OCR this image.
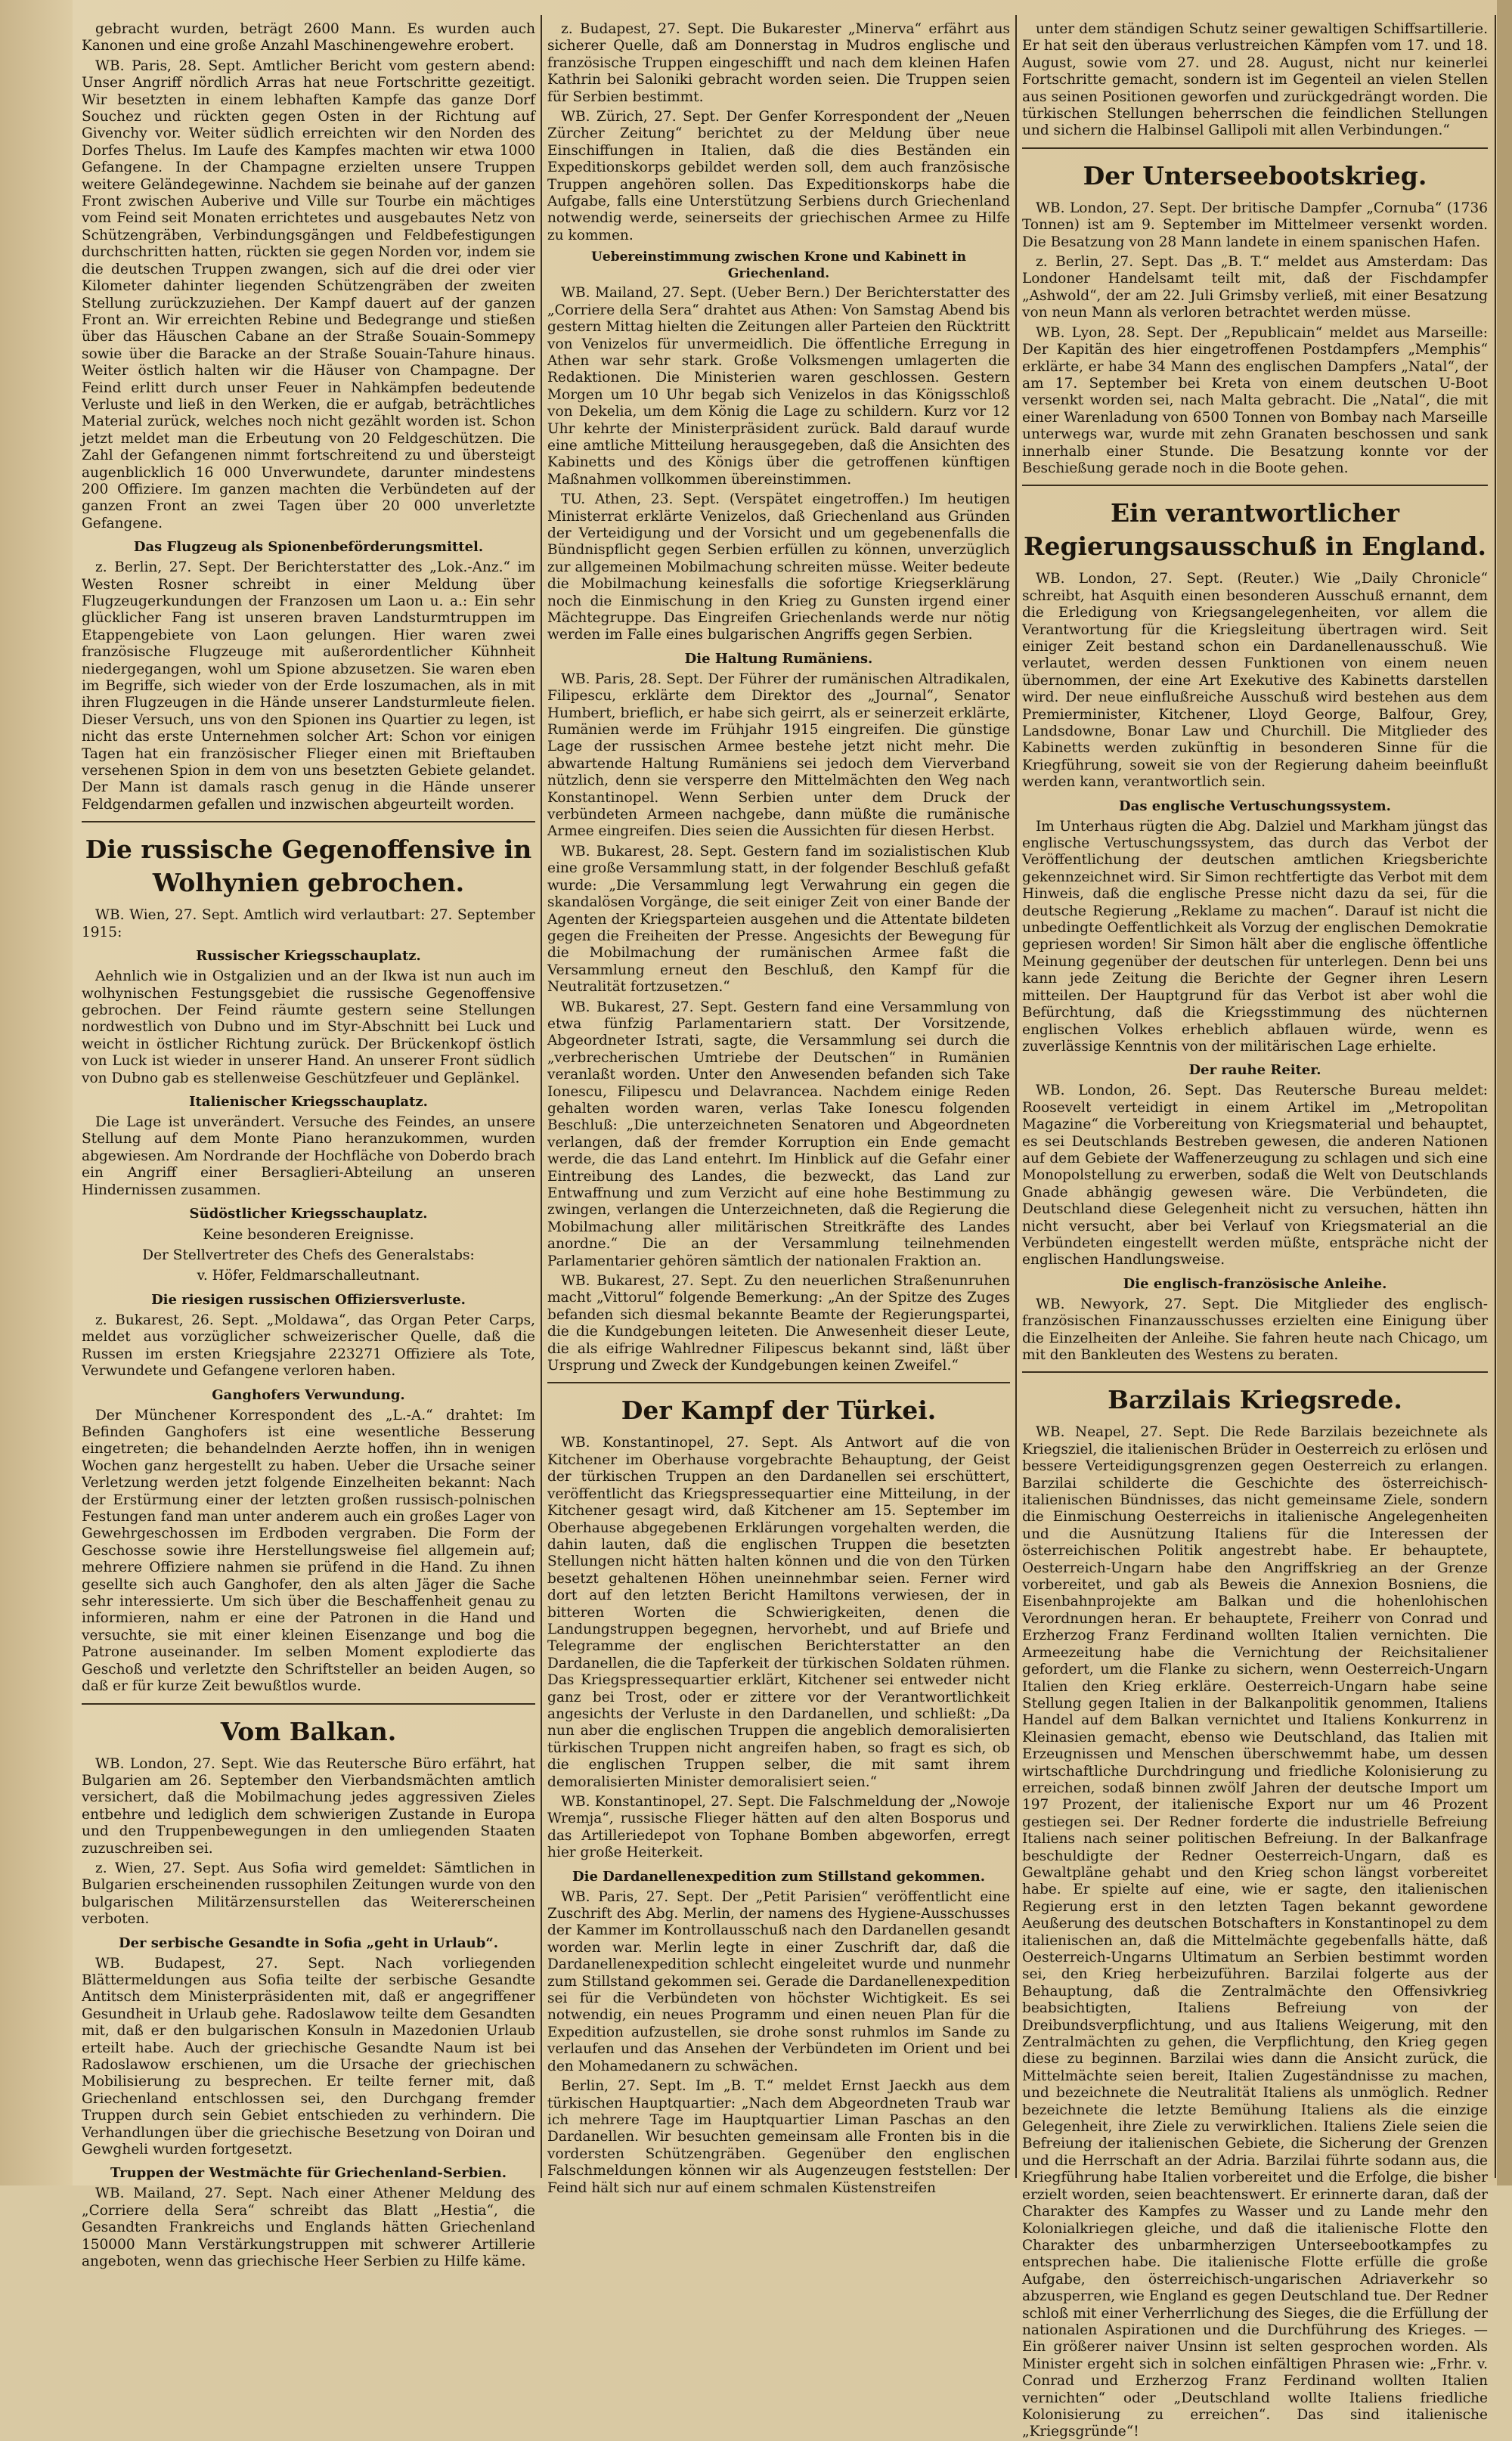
gebracht wurden, beträgt 2600 Mann. Es wurden auch Kanonen und eine große Anzahl Maschinengewehre erobert.

WB. Paris, 28. Sept. Amtlicher Bericht vom gestern abend: Unser Angriff nördlich Arras hat neue Fortschritte gezeitigt. Wir besetzten in einem lebhaften Kampfe das ganze Dorf Souchez und rückten gegen Osten in der Richtung auf Givenchy vor. Weiter südlich erreichten wir den Norden des Dorfes Thelus. Im Laufe des Kampfes machten wir etwa 1000 Gefangene. In der Champagne erzielten unsere Truppen weitere Geländegewinne. Nachdem sie beinahe auf der ganzen Front zwischen Auberive und Ville sur Tourbe ein mächtiges vom Feind seit Monaten errichtetes und ausgebautes Netz von Schützengräben, Verbindungsgängen und Feldbefestigungen durchschritten hatten, rückten sie gegen Norden vor, indem sie die deutschen Truppen zwangen, sich auf die drei oder vier Kilometer dahinter liegenden Schützengräben der zweiten Stellung zurückzuziehen. Der Kampf dauert auf der ganzen Front an. Wir erreichten Rebine und Bedegrange und stießen über das Häuschen Cabane an der Straße Souain-Sommepy sowie über die Baracke an der Straße Souain-Tahure hinaus. Weiter östlich halten wir die Häuser von Champagne. Der Feind erlitt durch unser Feuer in Nahkämpfen bedeutende Verluste und ließ in den Werken, die er aufgab, beträchtliches Material zurück, welches noch nicht gezählt worden ist. Schon jetzt meldet man die Erbeutung von 20 Feldgeschützen. Die Zahl der Gefangenen nimmt fortschreitend zu und übersteigt augenblicklich 16 000 Unverwundete, darunter mindestens 200 Offiziere. Im ganzen machten die Verbündeten auf der ganzen Front an zwei Tagen über 20 000 unverletzte Gefangene.

Das Flugzeug als Spionenbeförderungsmittel.

z. Berlin, 27. Sept. Der Berichterstatter des „Lok.-Anz.“ im Westen Rosner schreibt in einer Meldung über Flugzeugerkundungen der Franzosen um Laon u. a.: Ein sehr glücklicher Fang ist unseren braven Landsturmtruppen im Etappengebiete von Laon gelungen. Hier waren zwei französische Flugzeuge mit außerordentlicher Kühnheit niedergegangen, wohl um Spione abzusetzen. Sie waren eben im Begriffe, sich wieder von der Erde loszumachen, als in mit ihren Flugzeugen in die Hände unserer Landsturmleute fielen. Dieser Versuch, uns von den Spionen ins Quartier zu legen, ist nicht das erste Unternehmen solcher Art: Schon vor einigen Tagen hat ein französischer Flieger einen mit Brieftauben versehenen Spion in dem von uns besetzten Gebiete gelandet. Der Mann ist damals rasch genug in die Hände unserer Feldgendarmen gefallen und inzwischen abgeurteilt worden.

Die russische Gegenoffensive in Wolhynien gebrochen.

WB. Wien, 27. Sept. Amtlich wird verlautbart: 27. September 1915:

Russischer Kriegsschauplatz.

Aehnlich wie in Ostgalizien und an der Ikwa ist nun auch im wolhynischen Festungsgebiet die russische Gegenoffensive gebrochen. Der Feind räumte gestern seine Stellungen nordwestlich von Dubno und im Styr-Abschnitt bei Luck und weicht in östlicher Richtung zurück. Der Brückenkopf östlich von Luck ist wieder in unserer Hand. An unserer Front südlich von Dubno gab es stellenweise Geschützfeuer und Geplänkel.

Italienischer Kriegsschauplatz.

Die Lage ist unverändert. Versuche des Feindes, an unsere Stellung auf dem Monte Piano heranzukommen, wurden abgewiesen. Am Nordrande der Hochfläche von Doberdo brach ein Angriff einer Bersaglieri-Abteilung an unseren Hindernissen zusammen.

Südöstlicher Kriegsschauplatz.
Keine besonderen Ereignisse.
Der Stellvertreter des Chefs des Generalstabs:
v. Höfer, Feldmarschalleutnant.
Die riesigen russischen Offiziersverluste.

z. Bukarest, 26. Sept. „Moldawa“, das Organ Peter Carps, meldet aus vorzüglicher schweizerischer Quelle, daß die Russen im ersten Kriegsjahre 223271 Offiziere als Tote, Verwundete und Gefangene verloren haben.

Ganghofers Verwundung.

Der Münchener Korrespondent des „L.-A.“ drahtet: Im Befinden Ganghofers ist eine wesentliche Besserung eingetreten; die behandelnden Aerzte hoffen, ihn in wenigen Wochen ganz hergestellt zu haben. Ueber die Ursache seiner Verletzung werden jetzt folgende Einzelheiten bekannt: Nach der Erstürmung einer der letzten großen russisch-polnischen Festungen fand man unter anderem auch ein großes Lager von Gewehrgeschossen im Erdboden vergraben. Die Form der Geschosse sowie ihre Herstellungsweise fiel allgemein auf; mehrere Offiziere nahmen sie prüfend in die Hand. Zu ihnen gesellte sich auch Ganghofer, den als alten Jäger die Sache sehr interessierte. Um sich über die Beschaffenheit genau zu informieren, nahm er eine der Patronen in die Hand und versuchte, sie mit einer kleinen Eisenzange und bog die Patrone auseinander. Im selben Moment explodierte das Geschoß und verletzte den Schriftsteller an beiden Augen, so daß er für kurze Zeit bewußtlos wurde.

Vom Balkan.

WB. London, 27. Sept. Wie das Reutersche Büro erfährt, hat Bulgarien am 26. September den Vierbandsmächten amtlich versichert, daß die Mobilmachung jedes aggressiven Zieles entbehre und lediglich dem schwierigen Zustande in Europa und den Truppenbewegungen in den umliegenden Staaten zuzuschreiben sei.

z. Wien, 27. Sept. Aus Sofia wird gemeldet: Sämtlichen in Bulgarien erscheinenden russophilen Zeitungen wurde von den bulgarischen Militärzensurstellen das Weitererscheinen verboten.

Der serbische Gesandte in Sofia „geht in Urlaub“.

WB. Budapest, 27. Sept. Nach vorliegenden Blättermeldungen aus Sofia teilte der serbische Gesandte Antitsch dem Ministerpräsidenten mit, daß er angegriffener Gesundheit in Urlaub gehe. Radoslawow teilte dem Gesandten mit, daß er den bulgarischen Konsuln in Mazedonien Urlaub erteilt habe. Auch der griechische Gesandte Naum ist bei Radoslawow erschienen, um die Ursache der griechischen Mobilisierung zu besprechen. Er teilte ferner mit, daß Griechenland entschlossen sei, den Durchgang fremder Truppen durch sein Gebiet entschieden zu verhindern. Die Verhandlungen über die griechische Besetzung von Doiran und Gewgheli wurden fortgesetzt.

Truppen der Westmächte für Griechenland-Serbien.

WB. Mailand, 27. Sept. Nach einer Athener Meldung des „Corriere della Sera“ schreibt das Blatt „Hestia“, die Gesandten Frankreichs und Englands hätten Griechenland 150000 Mann Verstärkungstruppen mit schwerer Artillerie angeboten, wenn das griechische Heer Serbien zu Hilfe käme.

z. Budapest, 27. Sept. Die Bukarester „Minerva“ erfährt aus sicherer Quelle, daß am Donnerstag in Mudros englische und französische Truppen eingeschifft und nach dem kleinen Hafen Kathrin bei Saloniki gebracht worden seien. Die Truppen seien für Serbien bestimmt.

WB. Zürich, 27. Sept. Der Genfer Korrespondent der „Neuen Zürcher Zeitung“ berichtet zu der Meldung über neue Einschiffungen in Italien, daß die dies Beständen ein Expeditionskorps gebildet werden soll, dem auch französische Truppen angehören sollen. Das Expeditionskorps habe die Aufgabe, falls eine Unterstützung Serbiens durch Griechenland notwendig werde, seinerseits der griechischen Armee zu Hilfe zu kommen.

Uebereinstimmung zwischen Krone und Kabinett in Griechenland.

WB. Mailand, 27. Sept. (Ueber Bern.) Der Berichterstatter des „Corriere della Sera“ drahtet aus Athen: Von Samstag Abend bis gestern Mittag hielten die Zeitungen aller Parteien den Rücktritt von Venizelos für unvermeidlich. Die öffentliche Erregung in Athen war sehr stark. Große Volksmengen umlagerten die Redaktionen. Die Ministerien waren geschlossen. Gestern Morgen um 10 Uhr begab sich Venizelos in das Königsschloß von Dekelia, um dem König die Lage zu schildern. Kurz vor 12 Uhr kehrte der Ministerpräsident zurück. Bald darauf wurde eine amtliche Mitteilung herausgegeben, daß die Ansichten des Kabinetts und des Königs über die getroffenen künftigen Maßnahmen vollkommen übereinstimmen.

TU. Athen, 23. Sept. (Verspätet eingetroffen.) Im heutigen Ministerrat erklärte Venizelos, daß Griechenland aus Gründen der Verteidigung und der Vorsicht und um gegebenenfalls die Bündnispflicht gegen Serbien erfüllen zu können, unverzüglich zur allgemeinen Mobilmachung schreiten müsse. Weiter bedeute die Mobilmachung keinesfalls die sofortige Kriegserklärung noch die Einmischung in den Krieg zu Gunsten irgend einer Mächtegruppe. Das Eingreifen Griechenlands werde nur nötig werden im Falle eines bulgarischen Angriffs gegen Serbien.

Die Haltung Rumäniens.

WB. Paris, 28. Sept. Der Führer der rumänischen Altradikalen, Filipescu, erklärte dem Direktor des „Journal“, Senator Humbert, brieflich, er habe sich geirrt, als er seinerzeit erklärte, Rumänien werde im Frühjahr 1915 eingreifen. Die günstige Lage der russischen Armee bestehe jetzt nicht mehr. Die abwartende Haltung Rumäniens sei jedoch dem Vierverband nützlich, denn sie versperre den Mittelmächten den Weg nach Konstantinopel. Wenn Serbien unter dem Druck der verbündeten Armeen nachgebe, dann müßte die rumänische Armee eingreifen. Dies seien die Aussichten für diesen Herbst.

WB. Bukarest, 28. Sept. Gestern fand im sozialistischen Klub eine große Versammlung statt, in der folgender Beschluß gefaßt wurde: „Die Versammlung legt Verwahrung ein gegen die skandalösen Vorgänge, die seit einiger Zeit von einer Bande der Agenten der Kriegsparteien ausgehen und die Attentate bildeten gegen die Freiheiten der Presse. Angesichts der Bewegung für die Mobilmachung der rumänischen Armee faßt die Versammlung erneut den Beschluß, den Kampf für die Neutralität fortzusetzen.“

WB. Bukarest, 27. Sept. Gestern fand eine Versammlung von etwa fünfzig Parlamentariern statt. Der Vorsitzende, Abgeordneter Istrati, sagte, die Versammlung sei durch die „verbrecherischen Umtriebe der Deutschen“ in Rumänien veranlaßt worden. Unter den Anwesenden befanden sich Take Ionescu, Filipescu und Delavrancea. Nachdem einige Reden gehalten worden waren, verlas Take Ionescu folgenden Beschluß: „Die unterzeichneten Senatoren und Abgeordneten verlangen, daß der fremder Korruption ein Ende gemacht werde, die das Land entehrt. Im Hinblick auf die Gefahr einer Eintreibung des Landes, die bezweckt, das Land zur Entwaffnung und zum Verzicht auf eine hohe Bestimmung zu zwingen, verlangen die Unterzeichneten, daß die Regierung die Mobilmachung aller militärischen Streitkräfte des Landes anordne.“ Die an der Versammlung teilnehmenden Parlamentarier gehören sämtlich der nationalen Fraktion an.

WB. Bukarest, 27. Sept. Zu den neuerlichen Straßenunruhen macht „Vittorul“ folgende Bemerkung: „An der Spitze des Zuges befanden sich diesmal bekannte Beamte der Regierungspartei, die die Kundgebungen leiteten. Die Anwesenheit dieser Leute, die als eifrige Wahlredner Filipescus bekannt sind, läßt über Ursprung und Zweck der Kundgebungen keinen Zweifel.“

Der Kampf der Türkei.

WB. Konstantinopel, 27. Sept. Als Antwort auf die von Kitchener im Oberhause vorgebrachte Behauptung, der Geist der türkischen Truppen an den Dardanellen sei erschüttert, veröffentlicht das Kriegspressequartier eine Mitteilung, in der Kitchener gesagt wird, daß Kitchener am 15. September im Oberhause abgegebenen Erklärungen vorgehalten werden, die dahin lauten, daß die englischen Truppen die besetzten Stellungen nicht hätten halten können und die von den Türken besetzt gehaltenen Höhen uneinnehmbar seien. Ferner wird dort auf den letzten Bericht Hamiltons verwiesen, der in bitteren Worten die Schwierigkeiten, denen die Landungstruppen begegnen, hervorhebt, und auf Briefe und Telegramme der englischen Berichterstatter an den Dardanellen, die die Tapferkeit der türkischen Soldaten rühmen. Das Kriegspressequartier erklärt, Kitchener sei entweder nicht ganz bei Trost, oder er zittere vor der Verantwortlichkeit angesichts der Verluste in den Dardanellen, und schließt: „Da nun aber die englischen Truppen die angeblich demoralisierten türkischen Truppen nicht angreifen haben, so fragt es sich, ob die englischen Truppen selber, die mit samt ihrem demoralisierten Minister demoralisiert seien.“

WB. Konstantinopel, 27. Sept. Die Falschmeldung der „Nowoje Wremja“, russische Flieger hätten auf den alten Bosporus und das Artilleriedepot von Tophane Bomben abgeworfen, erregt hier große Heiterkeit.

Die Dardanellenexpedition zum Stillstand gekommen.

WB. Paris, 27. Sept. Der „Petit Parisien“ veröffentlicht eine Zuschrift des Abg. Merlin, der namens des Hygiene-Ausschusses der Kammer im Kontrollausschuß nach den Dardanellen gesandt worden war. Merlin legte in einer Zuschrift dar, daß die Dardanellenexpedition schlecht eingeleitet wurde und nunmehr zum Stillstand gekommen sei. Gerade die Dardanellenexpedition sei für die Verbündeten von höchster Wichtigkeit. Es sei notwendig, ein neues Programm und einen neuen Plan für die Expedition aufzustellen, sie drohe sonst ruhmlos im Sande zu verlaufen und das Ansehen der Verbündeten im Orient und bei den Mohamedanern zu schwächen.

Berlin, 27. Sept. Im „B. T.“ meldet Ernst Jaeckh aus dem türkischen Hauptquartier: „Nach dem Abgeordneten Traub war ich mehrere Tage im Hauptquartier Liman Paschas an den Dardanellen. Wir besuchten gemeinsam alle Fronten bis in die vordersten Schützengräben. Gegenüber den englischen Falschmeldungen können wir als Augenzeugen feststellen: Der Feind hält sich nur auf einem schmalen Küstenstreifen

unter dem ständigen Schutz seiner gewaltigen Schiffsartillerie. Er hat seit den überaus verlustreichen Kämpfen vom 17. und 18. August, sowie vom 27. und 28. August, nicht nur keinerlei Fortschritte gemacht, sondern ist im Gegenteil an vielen Stellen aus seinen Positionen geworfen und zurückgedrängt worden. Die türkischen Stellungen beherrschen die feindlichen Stellungen und sichern die Halbinsel Gallipoli mit allen Verbindungen.“

Der Unterseebootskrieg.

WB. London, 27. Sept. Der britische Dampfer „Cornuba“ (1736 Tonnen) ist am 9. September im Mittelmeer versenkt worden. Die Besatzung von 28 Mann landete in einem spanischen Hafen.

z. Berlin, 27. Sept. Das „B. T.“ meldet aus Amsterdam: Das Londoner Handelsamt teilt mit, daß der Fischdampfer „Ashwold“, der am 22. Juli Grimsby verließ, mit einer Besatzung von neun Mann als verloren betrachtet werden müsse.

WB. Lyon, 28. Sept. Der „Republicain“ meldet aus Marseille: Der Kapitän des hier eingetroffenen Postdampfers „Memphis“ erklärte, er habe 34 Mann des englischen Dampfers „Natal“, der am 17. September bei Kreta von einem deutschen U-Boot versenkt worden sei, nach Malta gebracht. Die „Natal“, die mit einer Warenladung von 6500 Tonnen von Bombay nach Marseille unterwegs war, wurde mit zehn Granaten beschossen und sank innerhalb einer Stunde. Die Besatzung konnte vor der Beschießung gerade noch in die Boote gehen.

Ein verantwortlicher Regierungsausschuß in England.

WB. London, 27. Sept. (Reuter.) Wie „Daily Chronicle“ schreibt, hat Asquith einen besonderen Ausschuß ernannt, dem die Erledigung von Kriegsangelegenheiten, vor allem die Verantwortung für die Kriegsleitung übertragen wird. Seit einiger Zeit bestand schon ein Dardanellenausschuß. Wie verlautet, werden dessen Funktionen von einem neuen übernommen, der eine Art Exekutive des Kabinetts darstellen wird. Der neue einflußreiche Ausschuß wird bestehen aus dem Premierminister, Kitchener, Lloyd George, Balfour, Grey, Landsdowne, Bonar Law und Churchill. Die Mitglieder des Kabinetts werden zukünftig in besonderen Sinne für die Kriegführung, soweit sie von der Regierung daheim beeinflußt werden kann, verantwortlich sein.

Das englische Vertuschungssystem.

Im Unterhaus rügten die Abg. Dalziel und Markham jüngst das englische Vertuschungssystem, das durch das Verbot der Veröffentlichung der deutschen amtlichen Kriegsberichte gekennzeichnet wird. Sir Simon rechtfertigte das Verbot mit dem Hinweis, daß die englische Presse nicht dazu da sei, für die deutsche Regierung „Reklame zu machen“. Darauf ist nicht die unbedingte Oeffentlichkeit als Vorzug der englischen Demokratie gepriesen worden! Sir Simon hält aber die englische öffentliche Meinung gegenüber der deutschen für unterlegen. Denn bei uns kann jede Zeitung die Berichte der Gegner ihren Lesern mitteilen. Der Hauptgrund für das Verbot ist aber wohl die Befürchtung, daß die Kriegsstimmung des nüchternen englischen Volkes erheblich abflauen würde, wenn es zuverlässige Kenntnis von der militärischen Lage erhielte.

Der rauhe Reiter.

WB. London, 26. Sept. Das Reutersche Bureau meldet: Roosevelt verteidigt in einem Artikel im „Metropolitan Magazine“ die Vorbereitung von Kriegsmaterial und behauptet, es sei Deutschlands Bestreben gewesen, die anderen Nationen auf dem Gebiete der Waffenerzeugung zu schlagen und sich eine Monopolstellung zu erwerben, sodaß die Welt von Deutschlands Gnade abhängig gewesen wäre. Die Verbündeten, die Deutschland diese Gelegenheit nicht zu versuchen, hätten ihn nicht versucht, aber bei Verlauf von Kriegsmaterial an die Verbündeten eingestellt werden müßte, entspräche nicht der englischen Handlungsweise.

Die englisch-französische Anleihe.

WB. Newyork, 27. Sept. Die Mitglieder des englisch-französischen Finanzausschusses erzielten eine Einigung über die Einzelheiten der Anleihe. Sie fahren heute nach Chicago, um mit den Bankleuten des Westens zu beraten.

Barzilais Kriegsrede.

WB. Neapel, 27. Sept. Die Rede Barzilais bezeichnete als Kriegsziel, die italienischen Brüder in Oesterreich zu erlösen und bessere Verteidigungsgrenzen gegen Oesterreich zu erlangen. Barzilai schilderte die Geschichte des österreichisch-italienischen Bündnisses, das nicht gemeinsame Ziele, sondern die Einmischung Oesterreichs in italienische Angelegenheiten und die Ausnützung Italiens für die Interessen der österreichischen Politik angestrebt habe. Er behauptete, Oesterreich-Ungarn habe den Angriffskrieg an der Grenze vorbereitet, und gab als Beweis die Annexion Bosniens, die Eisenbahnprojekte am Balkan und die hohenlohischen Verordnungen heran. Er behauptete, Freiherr von Conrad und Erzherzog Franz Ferdinand wollten Italien vernichten. Die Armeezeitung habe die Vernichtung der Reichsitaliener gefordert, um die Flanke zu sichern, wenn Oesterreich-Ungarn Italien den Krieg erkläre. Oesterreich-Ungarn habe seine Stellung gegen Italien in der Balkanpolitik genommen, Italiens Handel auf dem Balkan vernichtet und Italiens Konkurrenz in Kleinasien gemacht, ebenso wie Deutschland, das Italien mit Erzeugnissen und Menschen überschwemmt habe, um dessen wirtschaftliche Durchdringung und friedliche Kolonisierung zu erreichen, sodaß binnen zwölf Jahren der deutsche Import um 197 Prozent, der italienische Export nur um 46 Prozent gestiegen sei. Der Redner forderte die industrielle Befreiung Italiens nach seiner politischen Befreiung. In der Balkanfrage beschuldigte der Redner Oesterreich-Ungarn, daß es Gewaltpläne gehabt und den Krieg schon längst vorbereitet habe. Er spielte auf eine, wie er sagte, den italienischen Regierung erst in den letzten Tagen bekannt gewordene Aeußerung des deutschen Botschafters in Konstantinopel zu dem italienischen an, daß die Mittelmächte gegebenfalls hätte, daß Oesterreich-Ungarns Ultimatum an Serbien bestimmt worden sei, den Krieg herbeizuführen. Barzilai folgerte aus der Behauptung, daß die Zentralmächte den Offensivkrieg beabsichtigten, Italiens Befreiung von der Dreibundsverpflichtung, und aus Italiens Weigerung, mit den Zentralmächten zu gehen, die Verpflichtung, den Krieg gegen diese zu beginnen. Barzilai wies dann die Ansicht zurück, die Mittelmächte seien bereit, Italien Zugeständnisse zu machen, und bezeichnete die Neutralität Italiens als unmöglich. Redner bezeichnete die letzte Bemühung Italiens als die einzige Gelegenheit, ihre Ziele zu verwirklichen. Italiens Ziele seien die Befreiung der italienischen Gebiete, die Sicherung der Grenzen und die Herrschaft an der Adria. Barzilai führte sodann aus, die Kriegführung habe Italien vorbereitet und die Erfolge, die bisher erzielt worden, seien beachtenswert. Er erinnerte daran, daß der Charakter des Kampfes zu Wasser und zu Lande mehr den Kolonialkriegen gleiche, und daß die italienische Flotte den Charakter des unbarmherzigen Unterseebootkampfes zu entsprechen habe. Die italienische Flotte erfülle die große Aufgabe, den österreichisch-ungarischen Adriaverkehr so abzusperren, wie England es gegen Deutschland tue. Der Redner schloß mit einer Verherrlichung des Sieges, die die Erfüllung der nationalen Aspirationen und die Durchführung des Krieges. — Ein größerer naiver Unsinn ist selten gesprochen worden. Als Minister ergeht sich in solchen einfältigen Phrasen wie: „Frhr. v. Conrad und Erzherzog Franz Ferdinand wollten Italien vernichten“ oder „Deutschland wollte Italiens friedliche Kolonisierung zu erreichen“. Das sind italienische „Kriegsgründe“!
